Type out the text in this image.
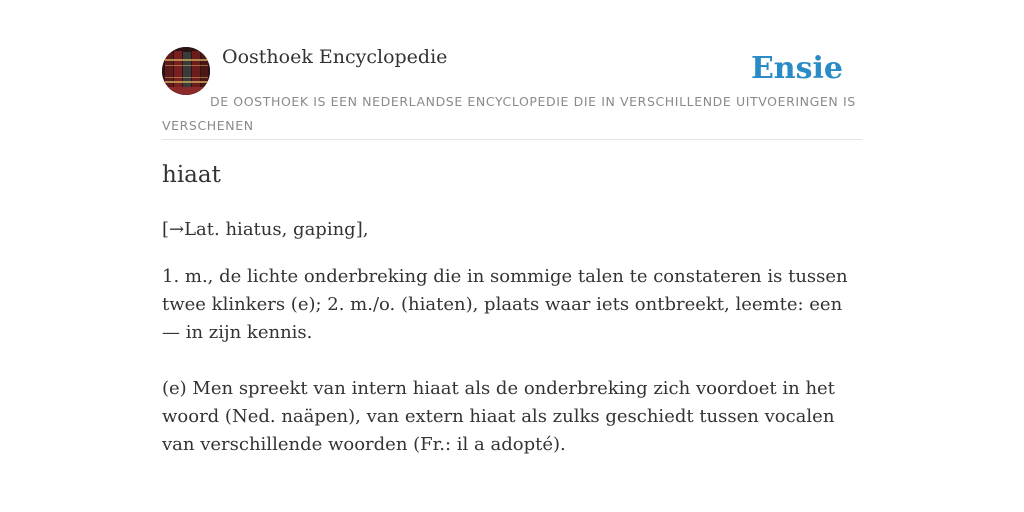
Oosthoek Encyclopedie	Ensie
DE OOSTHOEK IS EEN NEDERLANDSE ENCYCLOPEDIE DIE IN VERSCHILLENDE UITVOERINGEN IS VERSCHENEN
hiaat
[→Lat. hiatus, gaping],

1. m., de lichte onderbreking die in sommige talen te constateren is tussen twee klinkers (e); 2. m./o. (hiaten), plaats waar iets ontbreekt, leemte: een — in zijn kennis.

(e) Men spreekt van intern hiaat als de onderbreking zich voordoet in het woord (Ned. naäpen), van extern hiaat als zulks geschiedt tussen vocalen van verschillende woorden (Fr.: il a adopté).
